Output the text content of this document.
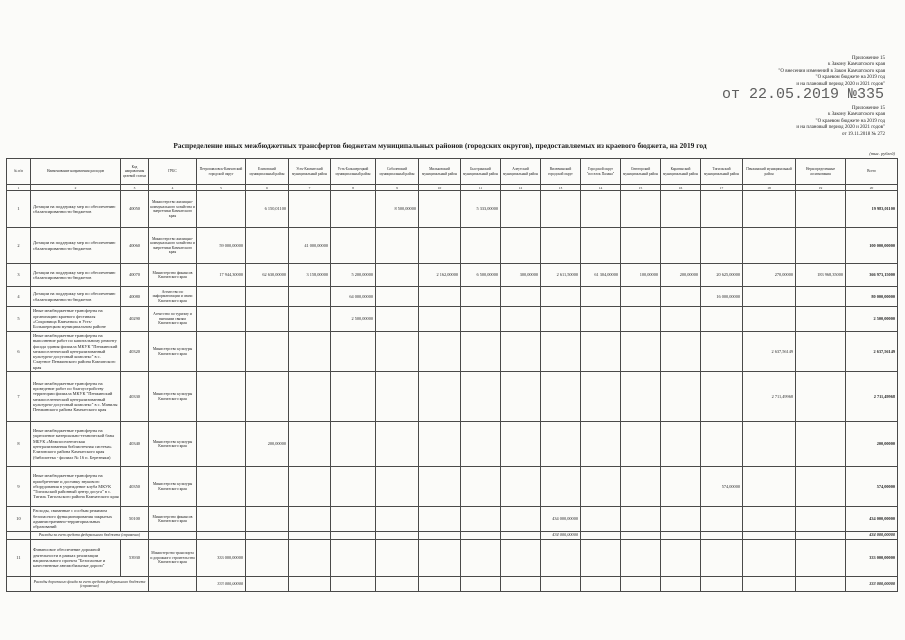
Приложение 15
к Закону Камчатского края
"О внесении изменений в Закон Камчатского края
"О краевом бюджете на 2019 год
и на плановый период 2020 и 2021 годов"
от 22.05.2019 №335
Приложение 15
к Закону Камчатского края
"О краевом бюджете на 2019 год
и на плановый период 2020 и 2021 годов"
от 19.11.2018 № 272
Распределение иных межбюджетных трансфертов бюджетам муниципальных районов (городских округов), предоставляемых из краевого бюджета, на 2019 год
(тыс. рублей)
№ п/п	Наименование направления расходов	Код направления целевой статьи	ГРБС	Петропавловск-Камчатский городской округ	Елизовский муниципальный район	Усть-Камчатский муниципальный район	Усть-Большерецкий муниципальный район	Соболевский муниципальный район	Мильковский муниципальный район	Быстринский муниципальный район	Алеутский муниципальный район	Вилючинский городской округ	Городской округ "поселок Палана"	Олюторский муниципальный район	Карагинский муниципальный район	Тигильский муниципальный район	Пенжинский муниципальный район	Нераспределенные ассигнования	Всего
1	2	3	4	5	6	7	8	9	10	11	12	13	14	15	16	17	18	19	20
1	Дотации на поддержку мер по обеспечению сбалансированности бюджетов	40050	Министерство жилищно-коммунального хозяйства и энергетики Камчатского края		6 150,01100			8 500,00000		5 333,00000									19 983,01100
2	Дотации на поддержку мер по обеспечению сбалансированности бюджетов	40060	Министерство жилищно-коммунального хозяйства и энергетики Камчатского края	59 000,00000		41 000,00000													100 000,00000
3	Дотации на поддержку мер по обеспечению сбалансированности бюджетов	40070	Министерство финансов Камчатского края	17 944,30000	62 630,00000	3 158,00000	5 200,00000		2 162,00000	6 500,00000	300,00000	2 611,50000	61 304,00000	100,00000	200,00000	20 625,00000	270,00000	183 968,35000	366 973,15000
4	Дотации на поддержку мер по обеспечению сбалансированности бюджетов	40080	Агентство по информатизации и связи Камчатского края				64 000,00000									16 000,00000			80 000,00000
5	Иные межбюджетные трансферты на организацию краевого фестиваля «Сокровища Камчатки» в Усть-Большерецком муниципальном районе	40290	Агентство по туризму и внешним связям Камчатского края				2 500,00000												2 500,00000
6	Иные межбюджетные трансферты на выполнение работ по капитальному ремонту фасада здания филиала МКУК "Пенжинский межпоселенческий централизованный культурно-досуговый комплекс" в с. Слаутное Пенжинского района Камчатского края	40320	Министерство культуры Камчатского края														2 637,56149		2 637,56149
7	Иные межбюджетные трансферты на проведение работ по благоустройству территории филиала МКУК "Пенжинский межпоселенческий централизованный культурно-досуговый комплекс" в с. Манилы Пенжинского района Камчатского края	40330	Министерство культуры Камчатского края														2 711,49968		2 711,49968
8	Иные межбюджетные трансферты на укрепление материально-технической базы МБУК «Межпоселенческая централизованная библиотечная система» Елизовского района Камчатского края (библиотека - филиал № 16 п. Березняки)	40340	Министерство культуры Камчатского края		200,00000														200,00000
9	Иные межбюджетные трансферты на приобретение и доставку звукового оборудования в учреждение клуба МКУК "Тигильский районный центр досуга" в с. Тигиль Тигильского района Камчатского края	40350	Министерство культуры Камчатского края													574,00000			574,00000
10	Расходы, связанные с особым режимом безопасного функционирования закрытых административно-территориальных образований	50100	Министерство финансов Камчатского края									434 000,00000							434 000,00000
	Расходы за счет средств федерального бюджета (справочно)											434 000,00000							434 000,00000
11	Финансовое обеспечение дорожной деятельности в рамках реализации национального проекта "Безопасные и качественные автомобильные дороги"	53930	Министерство транспорта и дорожного строительства Камчатского края	333 000,00000															333 000,00000
	Расходы дорожного фонда за счет средств федерального бюджета (справочно)			333 000,00000															333 000,00000
